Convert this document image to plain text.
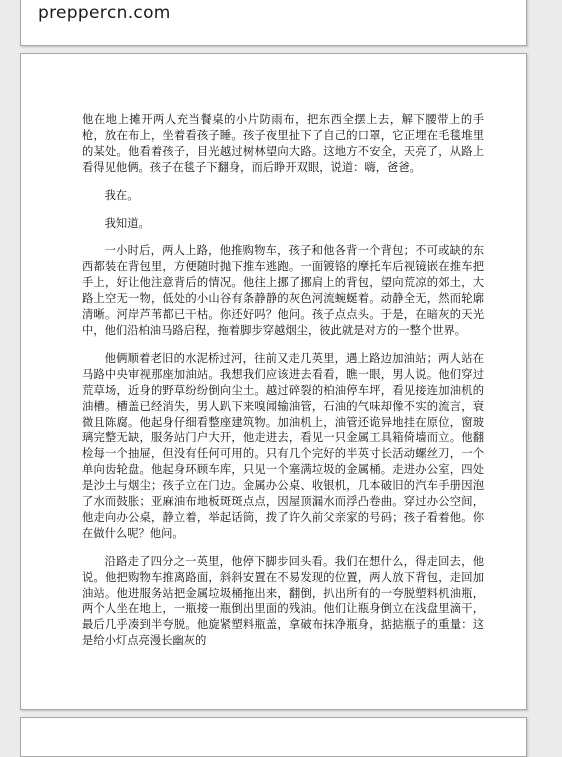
prepperсn.com

他在地上摊开两人充当餐桌的小片防雨布，把东西全摆上去，解下腰带上的手枪，放在布上，坐着看孩子睡。孩子夜里扯下了自己的口罩，它正埋在毛毯堆里的某处。他看着孩子，目光越过树林望向大路。这地方不安全，天亮了，从路上看得见他俩。孩子在毯子下翻身，而后睁开双眼，说道：嗨，爸爸。

我在。

我知道。

一小时后，两人上路，他推购物车，孩子和他各背一个背包；不可或缺的东西都装在背包里，方便随时抛下推车逃跑。一面镀铬的摩托车后视镜嵌在推车把手上，好让他注意背后的情况。他往上挪了挪肩上的背包，望向荒凉的郊土，大路上空无一物，低处的小山谷有条静静的灰色河流蜿蜒着。动静全无，然而轮廓清晰。河岸芦苇都已干枯。你还好吗？他问。孩子点点头。于是，在暗灰的天光中，他们沿柏油马路启程，拖着脚步穿越烟尘，彼此就是对方的一整个世界。

他俩顺着老旧的水泥桥过河，往前又走几英里，遇上路边加油站；两人站在马路中央审视那座加油站。我想我们应该进去看看，瞧一眼，男人说。他们穿过荒草场，近身的野草纷纷倒向尘土。越过碎裂的柏油停车坪，看见接连加油机的油槽。槽盖已经消失，男人趴下来嗅闻输油管，石油的气味却像不实的流言，衰微且陈腐。他起身仔细看整座建筑物。加油机上，油管还诡异地挂在原位，窗玻璃完整无缺，服务站门户大开，他走进去，看见一只金属工具箱倚墙而立。他翻检每一个抽屉，但没有任何可用的。只有几个完好的半英寸长活动螺丝刀，一个单向齿轮盘。他起身环顾车库，只见一个塞满垃圾的金属桶。走进办公室，四处是沙土与烟尘；孩子立在门边。金属办公桌、收银机，几本破旧的汽车手册因泡了水而鼓胀；亚麻油布地板斑斑点点，因屋顶漏水而浮凸卷曲。穿过办公空间，他走向办公桌，静立着，举起话筒，拨了许久前父亲家的号码；孩子看着他。你在做什么呢？他问。

沿路走了四分之一英里，他停下脚步回头看。我们在想什么，得走回去，他说。他把购物车推离路面，斜斜安置在不易发现的位置，两人放下背包，走回加油站。他进服务站把金属垃圾桶拖出来，翻倒，扒出所有的一夸脱塑料机油瓶，两个人坐在地上，一瓶接一瓶倒出里面的残油。他们让瓶身倒立在浅盘里滴干，最后几乎凑到半夸脱。他旋紧塑料瓶盖，拿破布抹净瓶身，掂掂瓶子的重量：这是给小灯点亮漫长幽灰的
